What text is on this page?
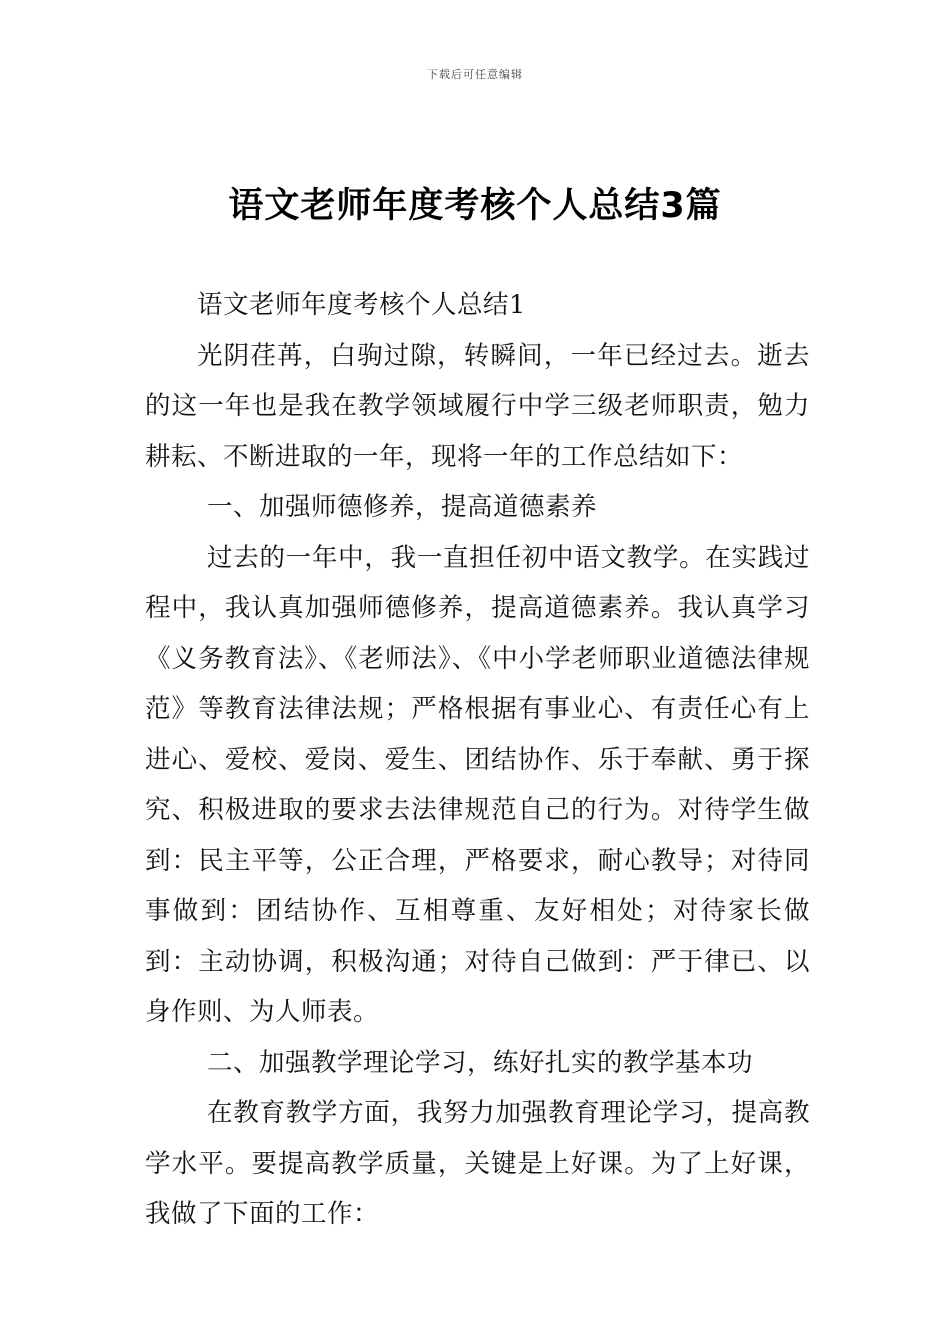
下载后可任意编辑
语文老师年度考核个人总结3篇

语文老师年度考核个人总结1

光阴荏苒，白驹过隙，转瞬间，一年已经过去。逝去的这一年也是我在教学领域履行中学三级老师职责，勉力耕耘、不断进取的一年，现将一年的工作总结如下：

一、加强师德修养，提高道德素养

过去的一年中，我一直担任初中语文教学。在实践过程中，我认真加强师德修养，提高道德素养。我认真学习《义务教育法》、《老师法》、《中小学老师职业道德法律规范》等教育法律法规；严格根据有事业心、有责任心有上进心、爱校、爱岗、爱生、团结协作、乐于奉献、勇于探究、积极进取的要求去法律规范自己的行为。对待学生做到：民主平等，公正合理，严格要求，耐心教导；对待同事做到：团结协作、互相尊重、友好相处；对待家长做到：主动协调，积极沟通；对待自己做到：严于律已、以身作则、为人师表。

二、加强教学理论学习，练好扎实的教学基本功

在教育教学方面，我努力加强教育理论学习，提高教学水平。要提高教学质量，关键是上好课。为了上好课，我做了下面的工作：
